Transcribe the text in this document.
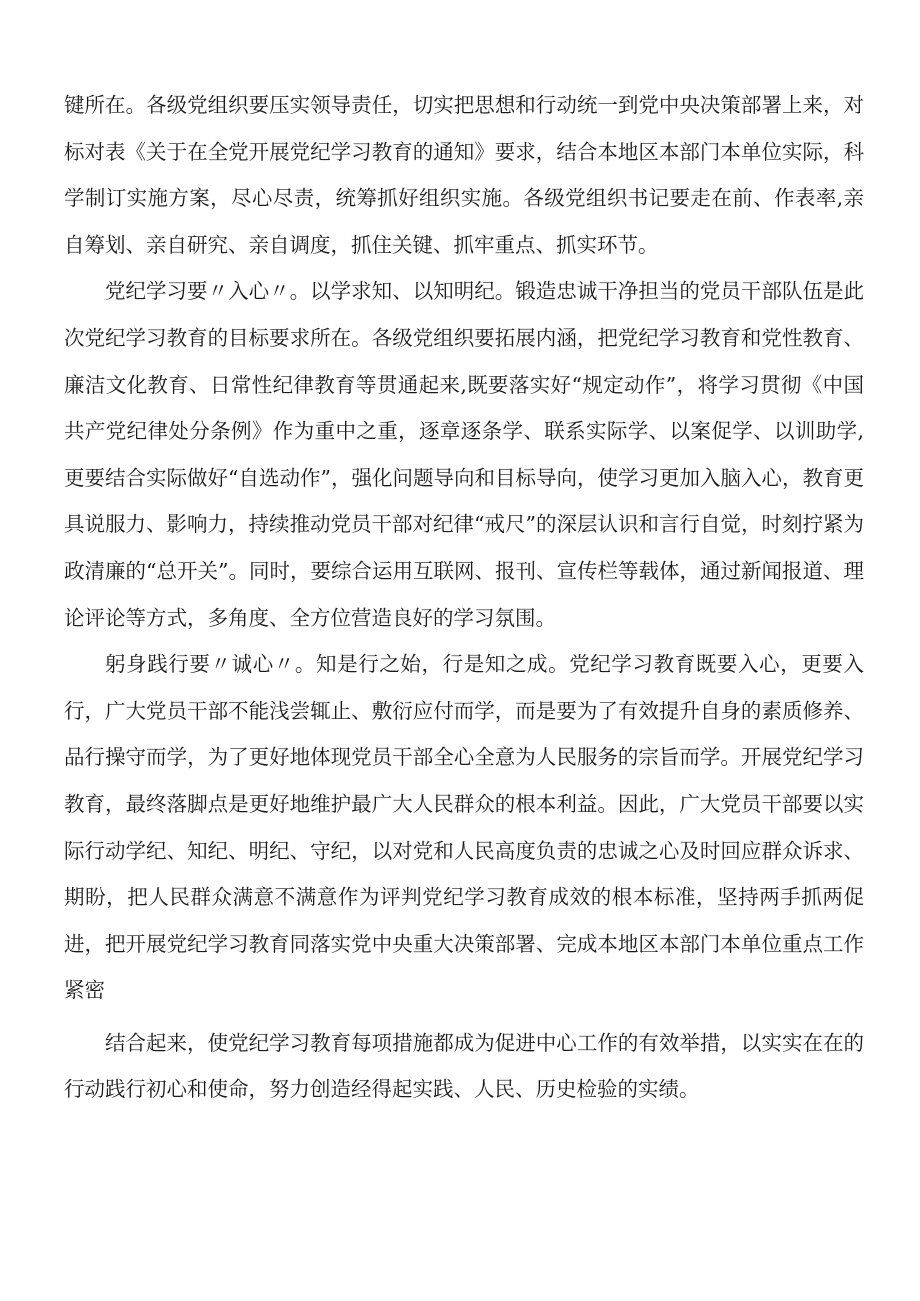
键所在。各级党组织要压实领导责任，切实把思想和行动统一到党中央决策部署上来，对标对表《关于在全党开展党纪学习教育的通知》要求，结合本地区本部门本单位实际，科学制订实施方案，尽心尽责，统筹抓好组织实施。各级党组织书记要走在前、作表率,亲自筹划、亲自研究、亲自调度，抓住关键、抓牢重点、抓实环节。

党纪学习要〃入心〃。以学求知、以知明纪。锻造忠诚干净担当的党员干部队伍是此次党纪学习教育的目标要求所在。各级党组织要拓展内涵，把党纪学习教育和党性教育、廉洁文化教育、日常性纪律教育等贯通起来,既要落实好“规定动作”，将学习贯彻《中国共产党纪律处分条例》作为重中之重，逐章逐条学、联系实际学、以案促学、以训助学,更要结合实际做好“自选动作”，强化问题导向和目标导向，使学习更加入脑入心，教育更具说服力、影响力，持续推动党员干部对纪律“戒尺”的深层认识和言行自觉，时刻拧紧为政清廉的“总开关”。同时，要综合运用互联网、报刊、宣传栏等载体，通过新闻报道、理论评论等方式，多角度、全方位营造良好的学习氛围。

躬身践行要〃诚心〃。知是行之始，行是知之成。党纪学习教育既要入心，更要入行，广大党员干部不能浅尝辄止、敷衍应付而学，而是要为了有效提升自身的素质修养、品行操守而学，为了更好地体现党员干部全心全意为人民服务的宗旨而学。开展党纪学习教育，最终落脚点是更好地维护最广大人民群众的根本利益。因此，广大党员干部要以实际行动学纪、知纪、明纪、守纪，以对党和人民高度负责的忠诚之心及时回应群众诉求、期盼，把人民群众满意不满意作为评判党纪学习教育成效的根本标准，坚持两手抓两促进，把开展党纪学习教育同落实党中央重大决策部署、完成本地区本部门本单位重点工作紧密

结合起来，使党纪学习教育每项措施都成为促进中心工作的有效举措，以实实在在的行动践行初心和使命，努力创造经得起实践、人民、历史检验的实绩。
